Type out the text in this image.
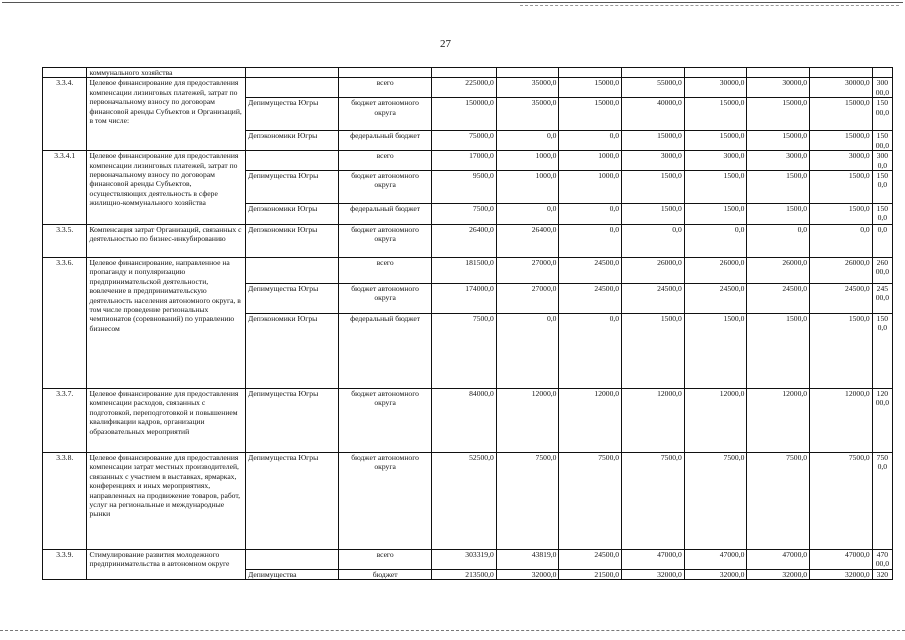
27
	коммунального хозяйства										
3.3.4.	Целевое финансирование для предоставления компенсации лизинговых платежей, затрат по первоначальному взносу по договорам финансовой аренды Субъектов и Организаций, в том числе:		всего	225000,0	35000,0	15000,0	55000,0	30000,0	30000,0	30000,0	300 00,0
		Депимущества Югры	бюджет автономного округа	150000,0	35000,0	15000,0	40000,0	15000,0	15000,0	15000,0	150 00,0
		Депэкономики Югры	федеральный бюджет	75000,0	0,0	0,0	15000,0	15000,0	15000,0	15000,0	150 00,0
3.3.4.1	Целевое финансирование для предоставления компенсации лизинговых платежей, затрат по первоначальному взносу по договорам финансовой аренды Субъектов, осуществляющих деятельность в сфере жилищно-коммунального хозяйства		всего	17000,0	1000,0	1000,0	3000,0	3000,0	3000,0	3000,0	300 0,0
		Депимущества Югры	бюджет автономного округа	9500,0	1000,0	1000,0	1500,0	1500,0	1500,0	1500,0	150 0,0
		Депэкономики Югры	федеральный бюджет	7500,0	0,0	0,0	1500,0	1500,0	1500,0	1500,0	150 0,0
3.3.5.	Компенсация затрат Организаций, связанных с деятельностью по бизнес-инкубированию	Депэкономики Югры	бюджет автономного округа	26400,0	26400,0	0,0	0,0	0,0	0,0	0,0	0,0
3.3.6.	Целевое финансирование, направленное на пропаганду и популяризацию предпринимательской деятельности, вовлечение в предпринимательскую деятельность населения автономного округа, в том числе проведение региональных чемпионатов (соревнований) по управлению бизнесом		всего	181500,0	27000,0	24500,0	26000,0	26000,0	26000,0	26000,0	260 00,0
		Депимущества Югры	бюджет автономного округа	174000,0	27000,0	24500,0	24500,0	24500,0	24500,0	24500,0	245 00,0
		Депэкономики Югры	федеральный бюджет	7500,0	0,0	0,0	1500,0	1500,0	1500,0	1500,0	150 0,0
3.3.7.	Целевое финансирование для предоставления компенсации расходов, связанных с подготовкой, переподготовкой и повышением квалификации кадров, организации образовательных мероприятий	Депимущества Югры	бюджет автономного округа	84000,0	12000,0	12000,0	12000,0	12000,0	12000,0	12000,0	120 00,0
3.3.8.	Целевое финансирование для предоставления компенсации затрат местных производителей, связанных с участием в выставках, ярмарках, конференциях и иных мероприятиях, направленных на продвижение товаров, работ, услуг на региональные и международные рынки	Депимущества Югры	бюджет автономного округа	52500,0	7500,0	7500,0	7500,0	7500,0	7500,0	7500,0	750 0,0
3.3.9.	Стимулирование развития молодежного предпринимательства в автономном округе		всего	303319,0	43819,0	24500,0	47000,0	47000,0	47000,0	47000,0	470 00,0
		Депимущества	бюджет	213500,0	32000,0	21500,0	32000,0	32000,0	32000,0	32000,0	320
